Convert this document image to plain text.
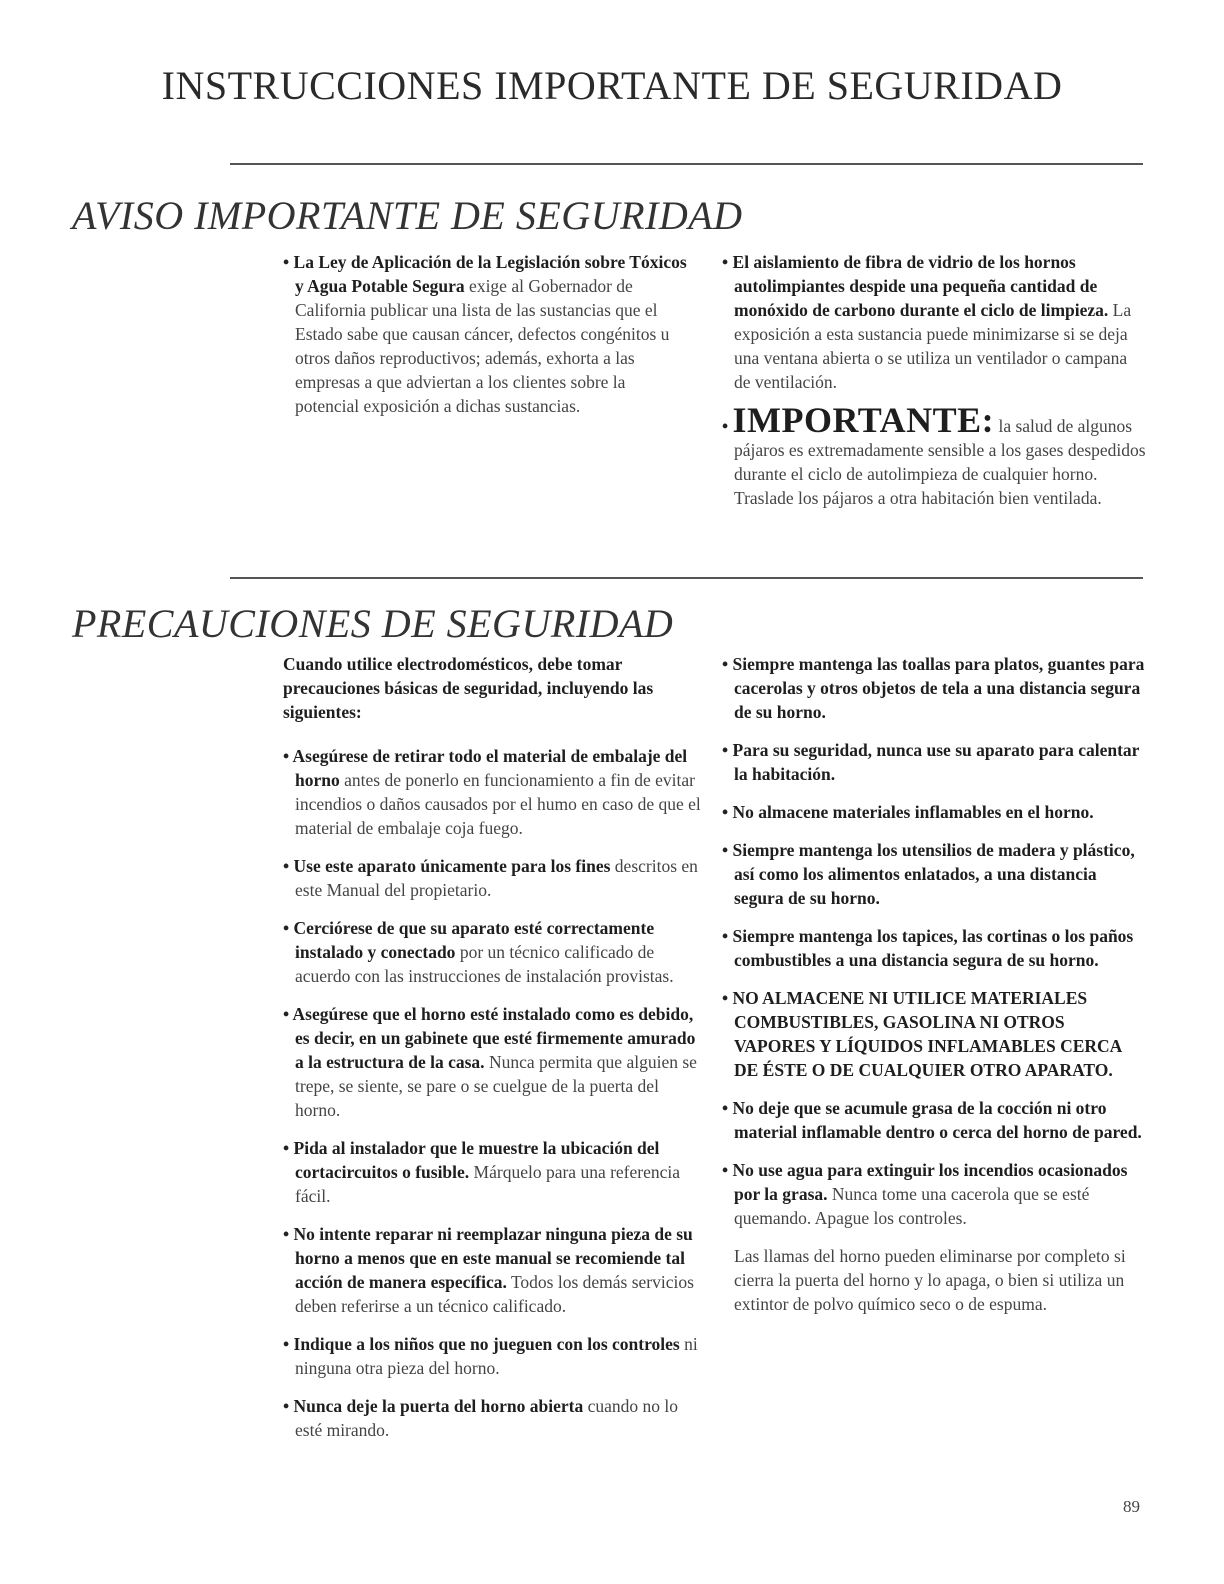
INSTRUCCIONES IMPORTANTE DE SEGURIDAD
AVISO IMPORTANTE DE SEGURIDAD

• La Ley de Aplicación de la Legislación sobre Tóxicos y Agua Potable Segura exige al Gobernador de California publicar una lista de las sustancias que el Estado sabe que causan cáncer, defectos congénitos u otros daños reproductivos; además, exhorta a las empresas a que adviertan a los clientes sobre la potencial exposición a dichas sustancias.

• El aislamiento de fibra de vidrio de los hornos autolimpiantes despide una pequeña cantidad de monóxido de carbono durante el ciclo de limpieza. La exposición a esta sustancia puede minimizarse si se deja una ventana abierta o se utiliza un ventilador o campana de ventilación.

• IMPORTANTE: la salud de algunos pájaros es extremadamente sensible a los gases despedidos durante el ciclo de autolimpieza de cualquier horno. Traslade los pájaros a otra habitación bien ventilada.

PRECAUCIONES DE SEGURIDAD

Cuando utilice electrodomésticos, debe tomar precauciones básicas de seguridad, incluyendo las siguientes:

• Asegúrese de retirar todo el material de embalaje del horno antes de ponerlo en funcionamiento a fin de evitar incendios o daños causados por el humo en caso de que el material de embalaje coja fuego.

• Use este aparato únicamente para los fines descritos en este Manual del propietario.

• Cerciórese de que su aparato esté correctamente instalado y conectado por un técnico calificado de acuerdo con las instrucciones de instalación provistas.

• Asegúrese que el horno esté instalado como es debido, es decir, en un gabinete que esté firmemente amurado a la estructura de la casa. Nunca permita que alguien se trepe, se siente, se pare o se cuelgue de la puerta del horno.

• Pida al instalador que le muestre la ubicación del cortacircuitos o fusible. Márquelo para una referencia fácil.

• No intente reparar ni reemplazar ninguna pieza de su horno a menos que en este manual se recomiende tal acción de manera específica. Todos los demás servicios deben referirse a un técnico calificado.

• Indique a los niños que no jueguen con los controles ni ninguna otra pieza del horno.

• Nunca deje la puerta del horno abierta cuando no lo esté mirando.

• Siempre mantenga las toallas para platos, guantes para cacerolas y otros objetos de tela a una distancia segura de su horno.

• Para su seguridad, nunca use su aparato para calentar la habitación.

• No almacene materiales inflamables en el horno.

• Siempre mantenga los utensilios de madera y plástico, así como los alimentos enlatados, a una distancia segura de su horno.

• Siempre mantenga los tapices, las cortinas o los paños combustibles a una distancia segura de su horno.

• NO ALMACENE NI UTILICE MATERIALES COMBUSTIBLES, GASOLINA NI OTROS VAPORES Y LÍQUIDOS INFLAMABLES CERCA DE ÉSTE O DE CUALQUIER OTRO APARATO.

• No deje que se acumule grasa de la cocción ni otro material inflamable dentro o cerca del horno de pared.

• No use agua para extinguir los incendios ocasionados por la grasa. Nunca tome una cacerola que se esté quemando. Apague los controles.

Las llamas del horno pueden eliminarse por completo si cierra la puerta del horno y lo apaga, o bien si utiliza un extintor de polvo químico seco o de espuma.

89
